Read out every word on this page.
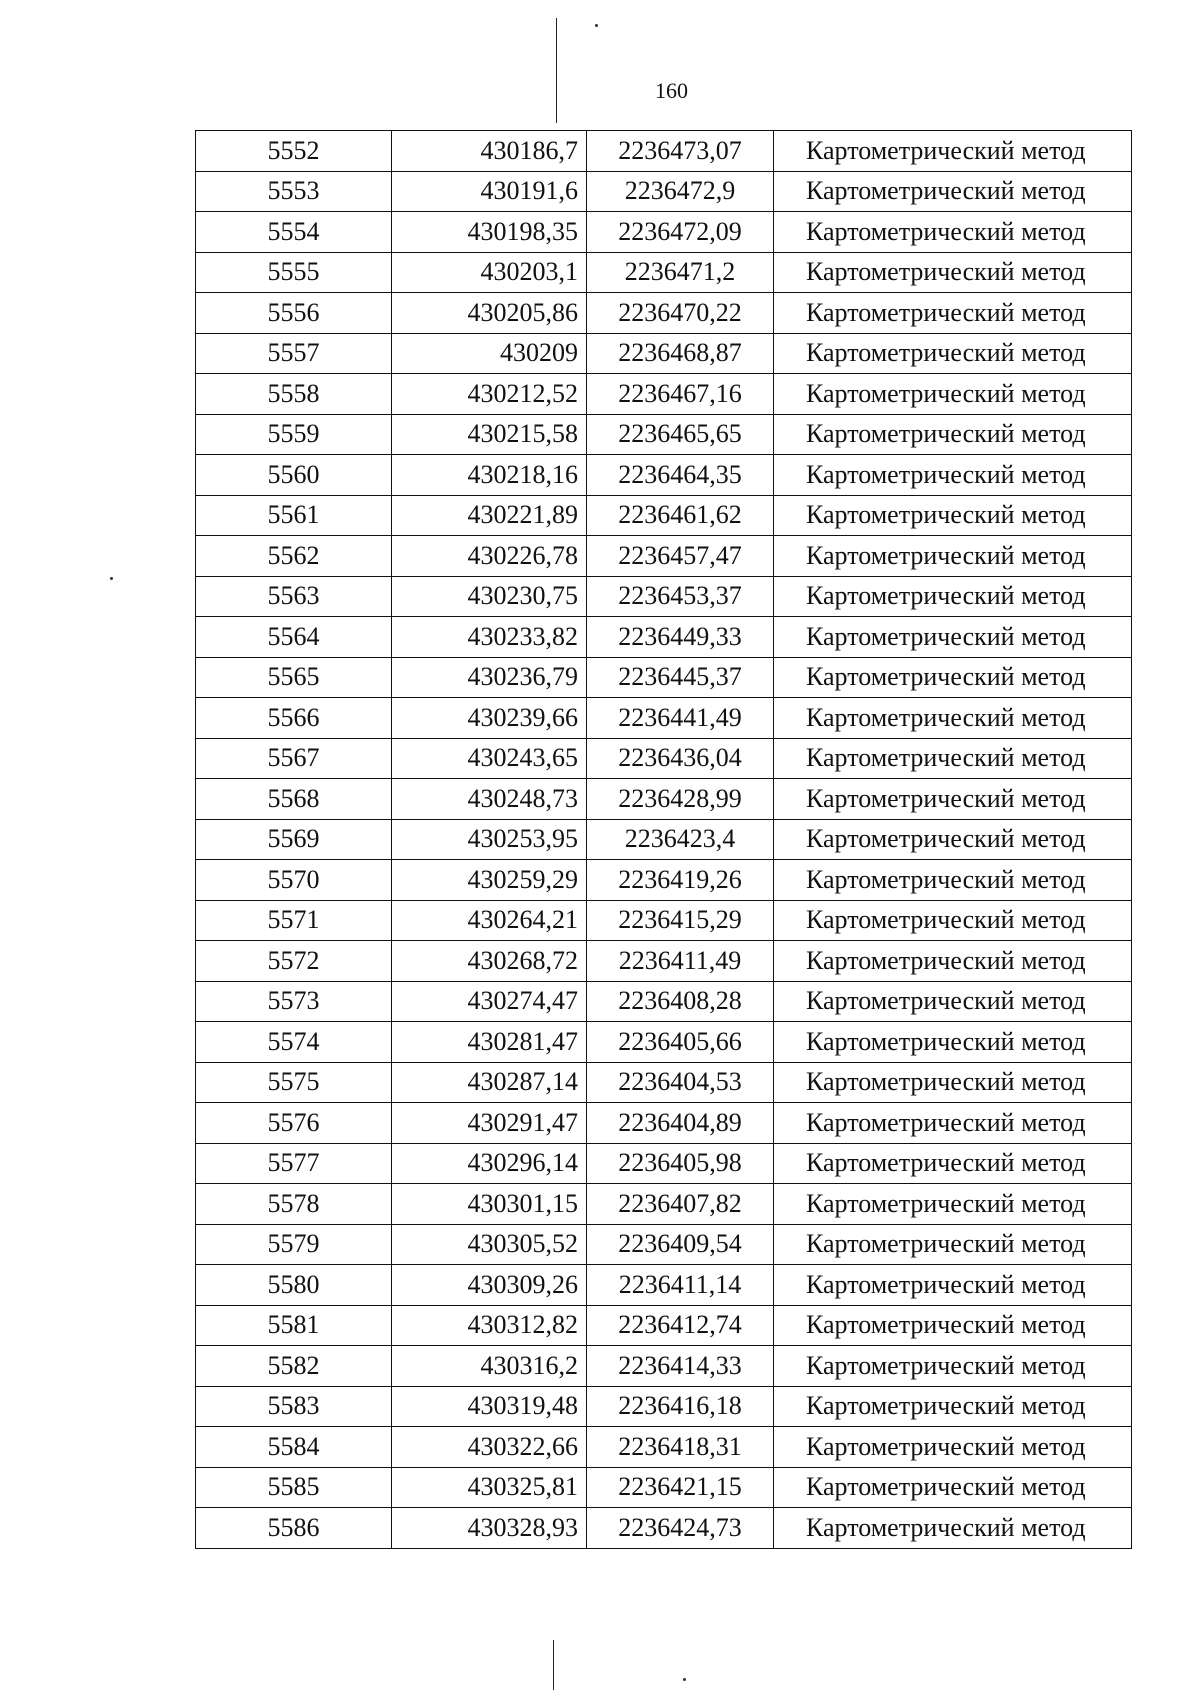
160
5552	430186,7	2236473,07	Картометрический метод
5553	430191,6	2236472,9	Картометрический метод
5554	430198,35	2236472,09	Картометрический метод
5555	430203,1	2236471,2	Картометрический метод
5556	430205,86	2236470,22	Картометрический метод
5557	430209	2236468,87	Картометрический метод
5558	430212,52	2236467,16	Картометрический метод
5559	430215,58	2236465,65	Картометрический метод
5560	430218,16	2236464,35	Картометрический метод
5561	430221,89	2236461,62	Картометрический метод
5562	430226,78	2236457,47	Картометрический метод
5563	430230,75	2236453,37	Картометрический метод
5564	430233,82	2236449,33	Картометрический метод
5565	430236,79	2236445,37	Картометрический метод
5566	430239,66	2236441,49	Картометрический метод
5567	430243,65	2236436,04	Картометрический метод
5568	430248,73	2236428,99	Картометрический метод
5569	430253,95	2236423,4	Картометрический метод
5570	430259,29	2236419,26	Картометрический метод
5571	430264,21	2236415,29	Картометрический метод
5572	430268,72	2236411,49	Картометрический метод
5573	430274,47	2236408,28	Картометрический метод
5574	430281,47	2236405,66	Картометрический метод
5575	430287,14	2236404,53	Картометрический метод
5576	430291,47	2236404,89	Картометрический метод
5577	430296,14	2236405,98	Картометрический метод
5578	430301,15	2236407,82	Картометрический метод
5579	430305,52	2236409,54	Картометрический метод
5580	430309,26	2236411,14	Картометрический метод
5581	430312,82	2236412,74	Картометрический метод
5582	430316,2	2236414,33	Картометрический метод
5583	430319,48	2236416,18	Картометрический метод
5584	430322,66	2236418,31	Картометрический метод
5585	430325,81	2236421,15	Картометрический метод
5586	430328,93	2236424,73	Картометрический метод
